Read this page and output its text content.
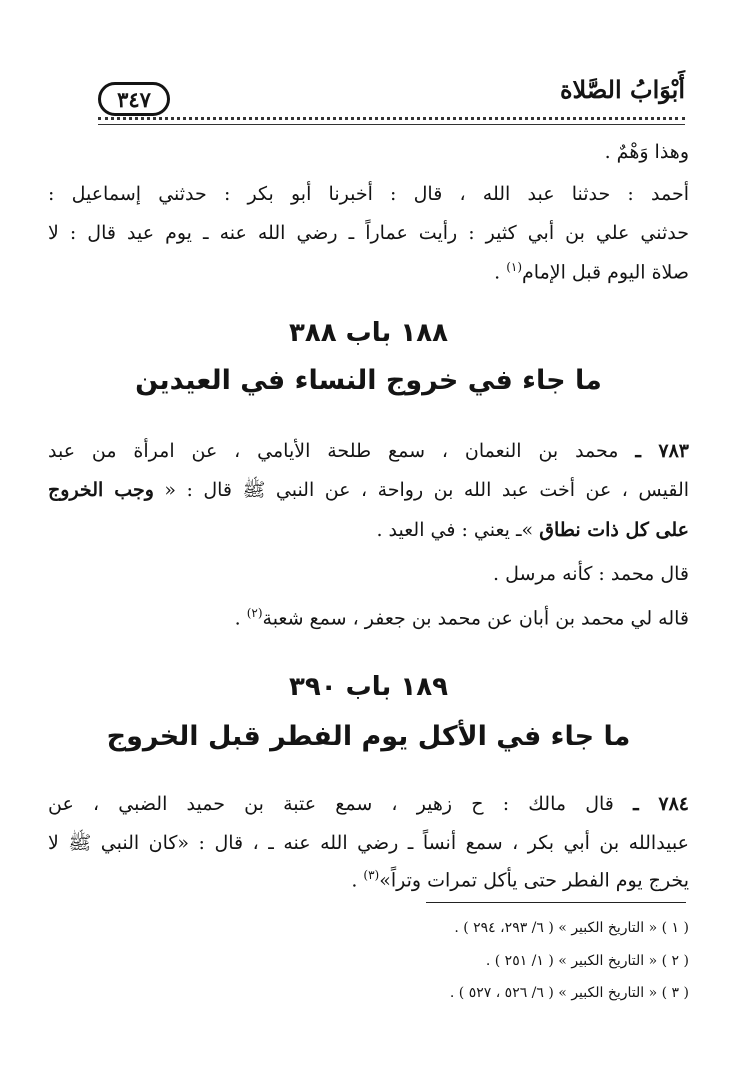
أَبْوَابُ الصَّلاة
٣٤٧
وهذا وَهْمٌ .
أحمد : حدثنا عبد الله ، قال : أخبرنا أبو بكر : حدثني إسماعيل :
حدثني علي بن أبي كثير : رأيت عماراً ـ رضي الله عنه ـ يوم عيد قال : لا
صلاة اليوم قبل الإمام$^{(١)}$ .
١٨٨ باب ٣٨٨
ما جاء في خروج النساء في العيدين
٧٨٣ ـ محمد بن النعمان ، سمع طلحة الأيامي ، عن امرأة من عبد
القيس ، عن أخت عبد الله بن رواحة ، عن النبي ﷺ قال : « وجب الخروج
على كل ذات نطاق »ـ يعني : في العيد .
قال محمد : كأنه مرسل .
قاله لي محمد بن أبان عن محمد بن جعفر ، سمع شعبة$^{(٢)}$ .
١٨٩ باب ٣٩٠
ما جاء في الأكل يوم الفطر قبل الخروج
٧٨٤ ـ قال مالك : ح زهير ، سمع عتبة بن حميد الضبي ، عن
عبيدالله بن أبي بكر ، سمع أنساً ـ رضي الله عنه ـ ، قال : «كان النبي ﷺ لا
يخرج يوم الفطر حتى يأكل تمرات وتراً»$^{(٣)}$ .
( ١ ) « التاريخ الكبير » ( ٦/ ٢٩٣، ٢٩٤ ) .
( ٢ ) « التاريخ الكبير » ( ١/ ٢٥١ ) .
( ٣ ) « التاريخ الكبير » ( ٦/ ٥٢٦ ، ٥٢٧ ) .
